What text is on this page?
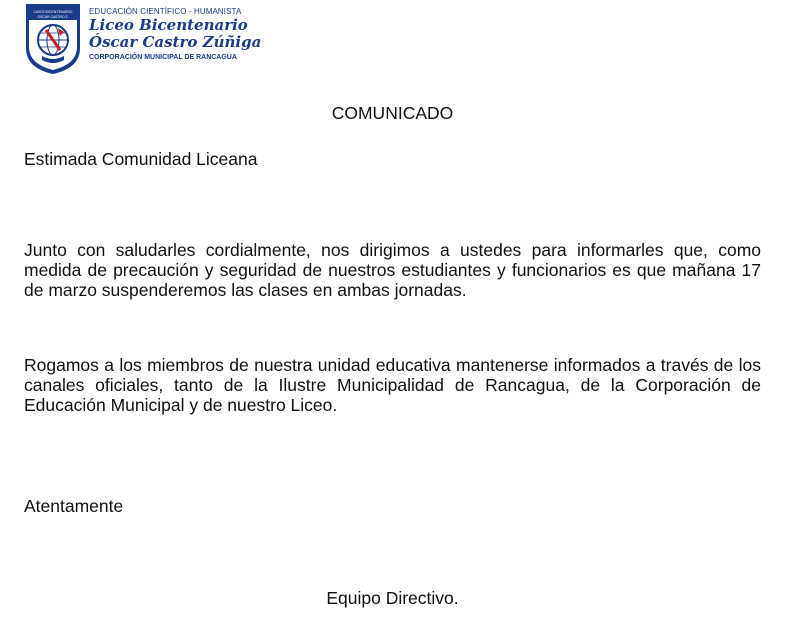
LICEO BICENTENARIO
OSCAR CASTRO Z.
EDUCACIÓN CIENTÍFICO - HUMANISTA
Liceo Bicentenario
Óscar Castro Zúñiga
CORPORACIÓN MUNICIPAL DE RANCAGUA
COMUNICADO

Estimada Comunidad Liceana

Junto con saludarles cordialmente, nos dirigimos a ustedes para informarles que, como medida de precaución y seguridad de nuestros estudiantes y funcionarios es que mañana 17 de marzo suspenderemos las clases en ambas jornadas.

Rogamos a los miembros de nuestra unidad educativa mantenerse informados a través de los canales oficiales, tanto de la Ilustre Municipalidad de Rancagua, de la Corporación de Educación Municipal y de nuestro Liceo.

Atentamente

Equipo Directivo.
